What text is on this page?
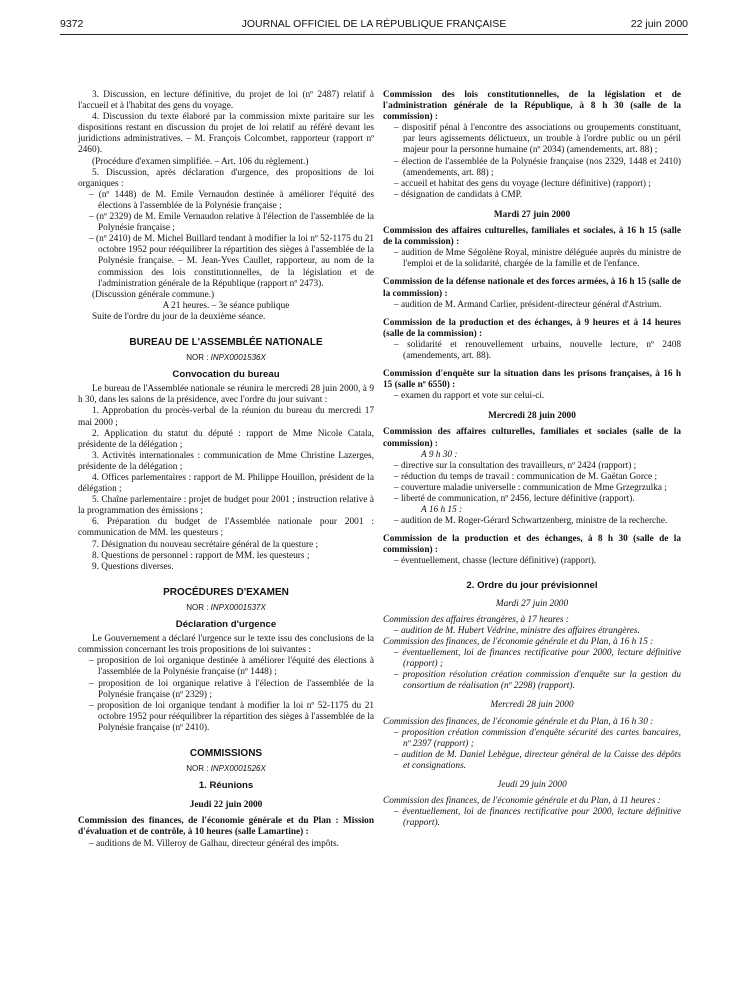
9372	JOURNAL OFFICIEL DE LA RÉPUBLIQUE FRANÇAISE	22 juin 2000

3. Discussion, en lecture définitive, du projet de loi (nº 2487) relatif à l'accueil et à l'habitat des gens du voyage.

4. Discussion du texte élaboré par la commission mixte paritaire sur les dispositions restant en discussion du projet de loi relatif au référé devant les juridictions administratives. – M. François Colcombet, rapporteur (rapport nº 2460).

(Procédure d'examen simplifiée. – Art. 106 du règlement.)

5. Discussion, après déclaration d'urgence, des propositions de loi organiques :

– (nº 1448) de M. Emile Vernaudon destinée à améliorer l'équité des élections à l'assemblée de la Polynésie française ;

– (nº 2329) de M. Emile Vernaudon relative à l'élection de l'assemblée de la Polynésie française ;

– (nº 2410) de M. Michel Buillard tendant à modifier la loi nº 52-1175 du 21 octobre 1952 pour rééquilibrer la répartition des sièges à l'assemblée de la Polynésie française. – M. Jean-Yves Caullet, rapporteur, au nom de la commission des lois constitutionnelles, de la législation et de l'administration générale de la République (rapport nº 2473).

(Discussion générale commune.)

A 21 heures. – 3e séance publique

Suite de l'ordre du jour de la deuxième séance.

BUREAU DE L'ASSEMBLÉE NATIONALE
NOR : INPX0001536X
Convocation du bureau

Le bureau de l'Assemblée nationale se réunira le mercredi 28 juin 2000, à 9 h 30, dans les salons de la présidence, avec l'ordre du jour suivant :

1. Approbation du procès-verbal de la réunion du bureau du mercredi 17 mai 2000 ;

2. Application du statut du député : rapport de Mme Nicole Catala, présidente de la délégation ;

3. Activités internationales : communication de Mme Christine Lazerges, présidente de la délégation ;

4. Offices parlementaires : rapport de M. Philippe Houillon, président de la délégation ;

5. Chaîne parlementaire : projet de budget pour 2001 ; instruction relative à la programmation des émissions ;

6. Préparation du budget de l'Assemblée nationale pour 2001 : communication de MM. les questeurs ;

7. Désignation du nouveau secrétaire général de la questure ;

8. Questions de personnel : rapport de MM. les questeurs ;

9. Questions diverses.

PROCÉDURES D'EXAMEN
NOR : INPX0001537X
Déclaration d'urgence

Le Gouvernement a déclaré l'urgence sur le texte issu des conclusions de la commission concernant les trois propositions de loi suivantes :

– proposition de loi organique destinée à améliorer l'équité des élections à l'assemblée de la Polynésie française (nº 1448) ;

– proposition de loi organique relative à l'élection de l'assemblée de la Polynésie française (nº 2329) ;

– proposition de loi organique tendant à modifier la loi nº 52-1175 du 21 octobre 1952 pour rééquilibrer la répartition des sièges à l'assemblée de la Polynésie française (nº 2410).

COMMISSIONS
NOR : INPX0001526X
1. Réunions
Jeudi 22 juin 2000

Commission des finances, de l'économie générale et du Plan : Mission d'évaluation et de contrôle, à 10 heures (salle Lamartine) :

– auditions de M. Villeroy de Galhau, directeur général des impôts.

Commission des lois constitutionnelles, de la législation et de l'administration générale de la République, à 8 h 30 (salle de la commission) :

– dispositif pénal à l'encontre des associations ou groupements constituant, par leurs agissements délictueux, un trouble à l'ordre public ou un péril majeur pour la personne humaine (nº 2034) (amendements, art. 88) ;

– élection de l'assemblée de la Polynésie française (nos 2329, 1448 et 2410) (amendements, art. 88) ;

– accueil et habitat des gens du voyage (lecture définitive) (rapport) ;

– désignation de candidats à CMP.

Mardi 27 juin 2000

Commission des affaires culturelles, familiales et sociales, à 16 h 15 (salle de la commission) :

– audition de Mme Ségolène Royal, ministre déléguée auprès du ministre de l'emploi et de la solidarité, chargée de la famille et de l'enfance.

Commission de la défense nationale et des forces armées, à 16 h 15 (salle de la commission) :

– audition de M. Armand Carlier, président-directeur général d'Astrium.

Commission de la production et des échanges, à 9 heures et à 14 heures (salle de la commission) :

– solidarité et renouvellement urbains, nouvelle lecture, nº 2408 (amendements, art. 88).

Commission d'enquête sur la situation dans les prisons françaises, à 16 h 15 (salle nº 6550) :

– examen du rapport et vote sur celui-ci.

Mercredi 28 juin 2000

Commission des affaires culturelles, familiales et sociales (salle de la commission) :

A 9 h 30 :

– directive sur la consultation des travailleurs, nº 2424 (rapport) ;

– réduction du temps de travail : communication de M. Gaëtan Gorce ;

– couverture maladie universelle : communication de Mme Grzegrzulka ;

– liberté de communication, nº 2456, lecture définitive (rapport).

A 16 h 15 :

– audition de M. Roger-Gérard Schwartzenberg, ministre de la recherche.

Commission de la production et des échanges, à 8 h 30 (salle de la commission) :

– éventuellement, chasse (lecture définitive) (rapport).

2. Ordre du jour prévisionnel
Mardi 27 juin 2000

Commission des affaires étrangères, à 17 heures :

– audition de M. Hubert Védrine, ministre des affaires étrangères.

Commission des finances, de l'économie générale et du Plan, à 16 h 15 :

– éventuellement, loi de finances rectificative pour 2000, lecture définitive (rapport) ;

– proposition résolution création commission d'enquête sur la gestion du consortium de réalisation (nº 2298) (rapport).

Mercredi 28 juin 2000

Commission des finances, de l'économie générale et du Plan, à 16 h 30 :

– proposition création commission d'enquête sécurité des cartes bancaires, nº 2397 (rapport) ;

– audition de M. Daniel Lebègue, directeur général de la Caisse des dépôts et consignations.

Jeudi 29 juin 2000

Commission des finances, de l'économie générale et du Plan, à 11 heures :

– éventuellement, loi de finances rectificative pour 2000, lecture définitive (rapport).
